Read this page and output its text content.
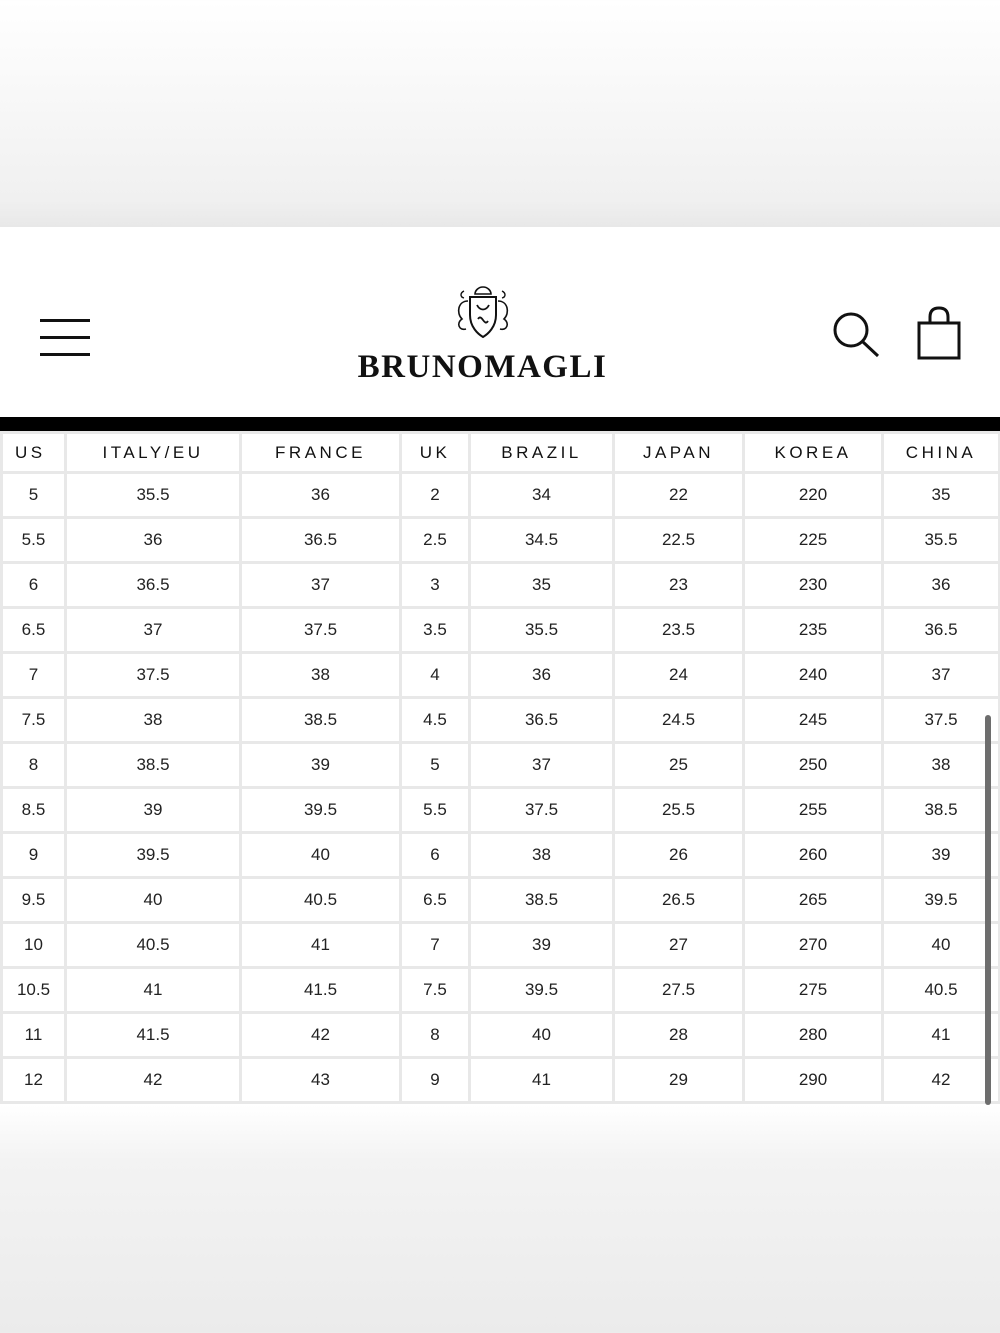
BRUNOMAGLI
US	ITALY/EU	FRANCE	UK	BRAZIL	JAPAN	KOREA	CHINA
5	35.5	36	2	34	22	220	35
5.5	36	36.5	2.5	34.5	22.5	225	35.5
6	36.5	37	3	35	23	230	36
6.5	37	37.5	3.5	35.5	23.5	235	36.5
7	37.5	38	4	36	24	240	37
7.5	38	38.5	4.5	36.5	24.5	245	37.5
8	38.5	39	5	37	25	250	38
8.5	39	39.5	5.5	37.5	25.5	255	38.5
9	39.5	40	6	38	26	260	39
9.5	40	40.5	6.5	38.5	26.5	265	39.5
10	40.5	41	7	39	27	270	40
10.5	41	41.5	7.5	39.5	27.5	275	40.5
11	41.5	42	8	40	28	280	41
12	42	43	9	41	29	290	42
